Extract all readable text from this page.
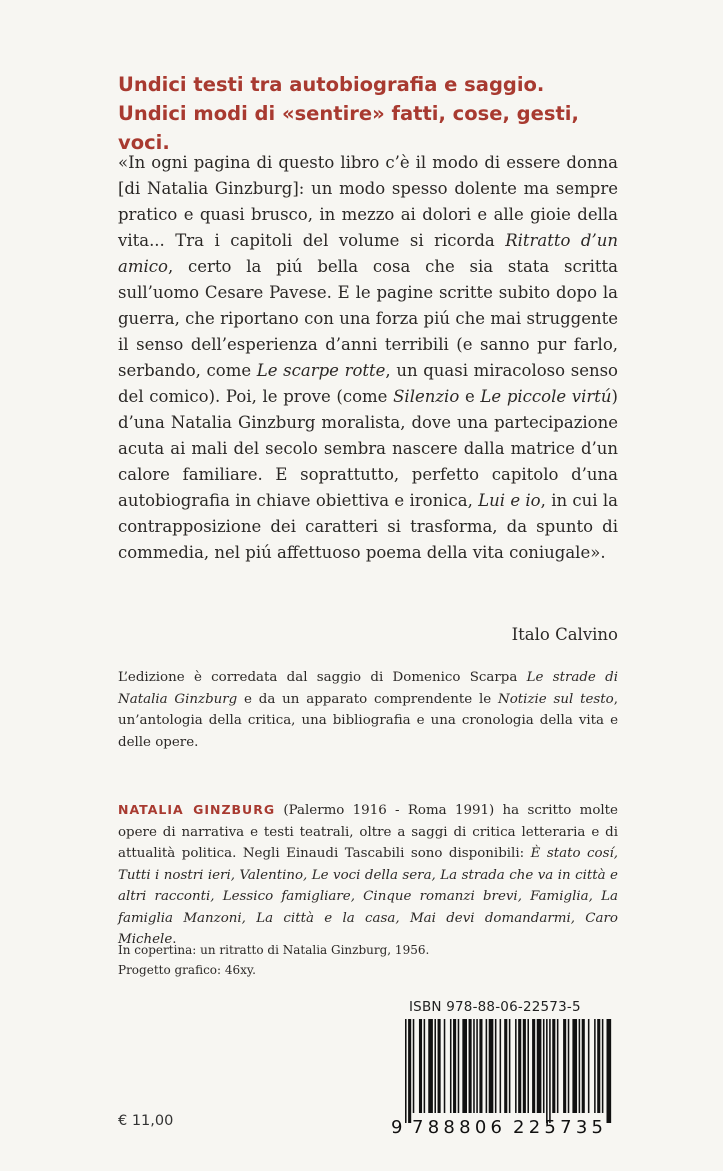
Undici testi tra autobiografia e saggio. Undici modi di «sentire» fatti, cose, gesti, voci.

«In ogni pagina di questo libro c’è il modo di essere donna [di Natalia Ginzburg]: un modo spesso dolente ma sempre pratico e quasi brusco, in mezzo ai dolori e alle gioie della vita... Tra i capitoli del volume si ricorda Ritratto d’un amico, certo la piú bella cosa che sia stata scritta sull’uomo Cesare Pavese. E le pagine scritte subito dopo la guerra, che riportano con una forza piú che mai struggente il senso dell’esperienza d’anni terribili (e sanno pur farlo, serbando, come Le scarpe rotte, un quasi miracoloso senso del comico). Poi, le prove (come Silenzio e Le piccole virtú) d’una Natalia Ginzburg moralista, dove una partecipazione acuta ai mali del secolo sembra nascere dalla matrice d’un calore familiare. E soprattutto, perfetto capitolo d’una autobiografia in chiave obiettiva e ironica, Lui e io, in cui la contrapposizione dei caratteri si trasforma, da spunto di commedia, nel piú affettuoso poema della vita coniugale».

Italo Calvino

L’edizione è corredata dal saggio di Domenico Scarpa Le strade di Natalia Ginzburg e da un apparato comprendente le Notizie sul testo, un’antologia della critica, una bibliografia e una cronologia della vita e delle opere.

NATALIA GINZBURG (Palermo 1916 - Roma 1991) ha scritto molte opere di narrativa e testi teatrali, oltre a saggi di critica letteraria e di attualità politica. Negli Einaudi Tascabili sono disponibili: È stato cosí, Tutti i nostri ieri, Valentino, Le voci della sera, La strada che va in città e altri racconti, Lessico famigliare, Cinque romanzi brevi, Famiglia, La famiglia Manzoni, La città e la casa, Mai devi domandarmi, Caro Michele.

In copertina: un ritratto di Natalia Ginzburg, 1956.
Progetto grafico: 46xy.

ISBN 978-88-06-22573-5
9 788806 225735
€ 11,00
